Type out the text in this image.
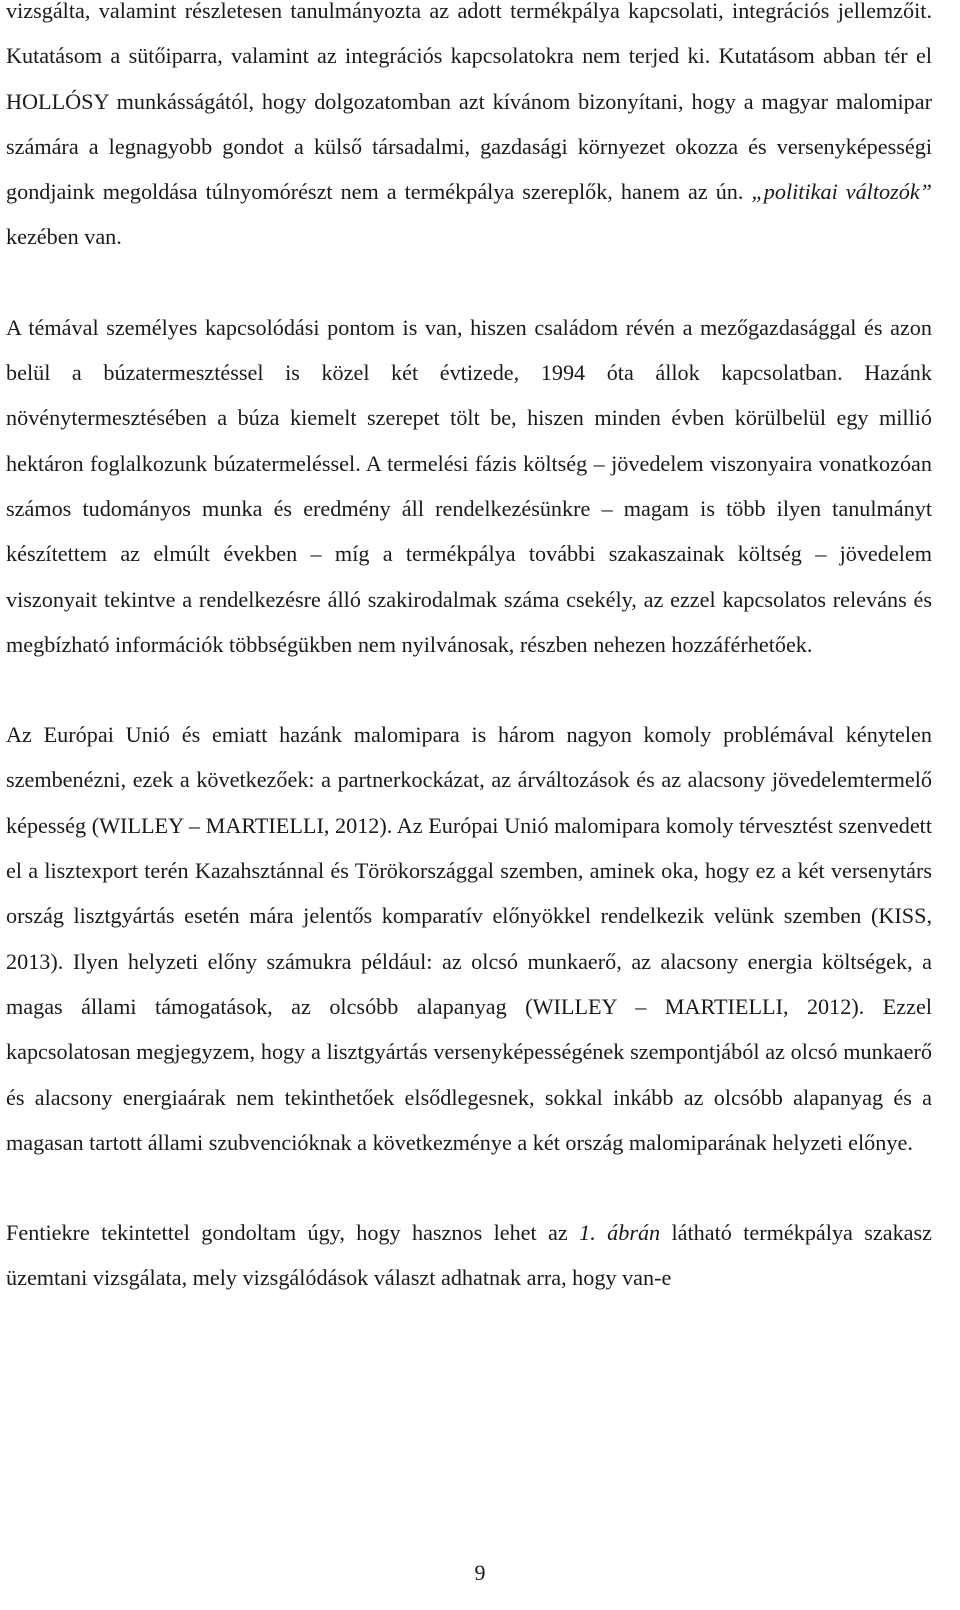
vizsgálta, valamint részletesen tanulmányozta az adott termékpálya kapcsolati, integrációs jellemzőit. Kutatásom a sütőiparra, valamint az integrációs kapcsolatokra nem terjed ki. Kutatásom abban tér el HOLLÓSY munkásságától, hogy dolgozatomban azt kívánom bizonyítani, hogy a magyar malomipar számára a legnagyobb gondot a külső társadalmi, gazdasági környezet okozza és versenyképességi gondjaink megoldása túlnyomórészt nem a termékpálya szereplők, hanem az ún. „politikai változók” kezében van.

A témával személyes kapcsolódási pontom is van, hiszen családom révén a mezőgazdasággal és azon belül a búzatermesztéssel is közel két évtizede, 1994 óta állok kapcsolatban. Hazánk növénytermesztésében a búza kiemelt szerepet tölt be, hiszen minden évben körülbelül egy millió hektáron foglalkozunk búzatermeléssel. A termelési fázis költség – jövedelem viszonyaira vonatkozóan számos tudományos munka és eredmény áll rendelkezésünkre – magam is több ilyen tanulmányt készítettem az elmúlt években – míg a termékpálya további szakaszainak költség – jövedelem viszonyait tekintve a rendelkezésre álló szakirodalmak száma csekély, az ezzel kapcsolatos releváns és megbízható információk többségükben nem nyilvánosak, részben nehezen hozzáférhetőek.

Az Európai Unió és emiatt hazánk malomipara is három nagyon komoly problémával kénytelen szembenézni, ezek a következőek: a partnerkockázat, az árváltozások és az alacsony jövedelemtermelő képesség (WILLEY – MARTIELLI, 2012). Az Európai Unió malomipara komoly térvesztést szenvedett el a lisztexport terén Kazahsztánnal és Törökországgal szemben, aminek oka, hogy ez a két versenytárs ország lisztgyártás esetén mára jelentős komparatív előnyökkel rendelkezik velünk szemben (KISS, 2013). Ilyen helyzeti előny számukra például: az olcsó munkaerő, az alacsony energia költségek, a magas állami támogatások, az olcsóbb alapanyag (WILLEY – MARTIELLI, 2012). Ezzel kapcsolatosan megjegyzem, hogy a lisztgyártás versenyképességének szempontjából az olcsó munkaerő és alacsony energiaárak nem tekinthetőek elsődlegesnek, sokkal inkább az olcsóbb alapanyag és a magasan tartott állami szubvencióknak a következménye a két ország malomiparának helyzeti előnye.

Fentiekre tekintettel gondoltam úgy, hogy hasznos lehet az 1. ábrán látható termékpálya szakasz üzemtani vizsgálata, mely vizsgálódások választ adhatnak arra, hogy van-e

9
